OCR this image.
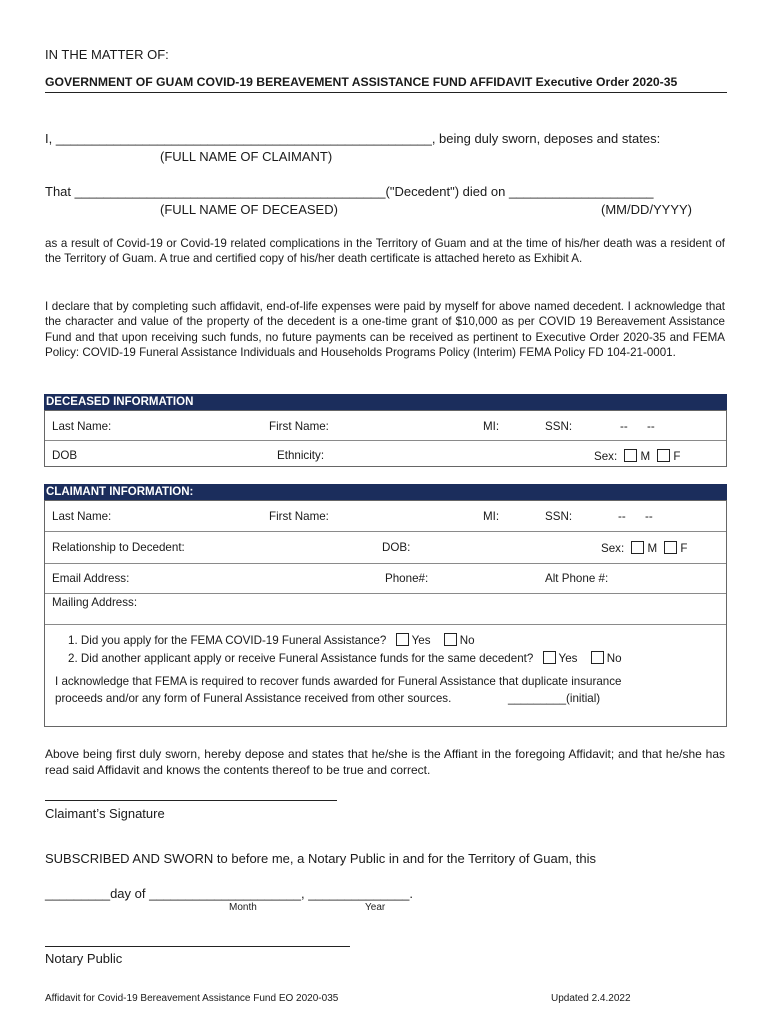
IN THE MATTER OF:
GOVERNMENT OF GUAM COVID-19 BEREAVEMENT ASSISTANCE FUND AFFIDAVIT Executive Order 2020-35
I, ____________________________________________________, being duly sworn, deposes and states:
(FULL NAME OF CLAIMANT)
That ___________________________________________("Decedent") died on ____________________
(FULL NAME OF DECEASED)	(MM/DD/YYYY)
as a result of Covid-19 or Covid-19 related complications in the Territory of Guam and at the time of his/her death was a resident of the Territory of Guam. A true and certified copy of his/her death certificate is attached hereto as Exhibit A.
I declare that by completing such affidavit, end-of-life expenses were paid by myself for above named decedent. I acknowledge that the character and value of the property of the decedent is a one-time grant of $10,000 as per COVID 19 Bereavement Assistance Fund and that upon receiving such funds, no future payments can be received as pertinent to Executive Order 2020-35 and FEMA Policy: COVID-19 Funeral Assistance Individuals and Households Programs Policy (Interim) FEMA Policy FD 104-21-0001.
DECEASED INFORMATION
Last Name:	First Name:	MI:	SSN:	--      --
DOB	Ethnicity:	Sex: M F
CLAIMANT INFORMATION:
Last Name:	First Name:	MI:	SSN:	--      --
Relationship to Decedent:	DOB:	Sex: M F
Email Address:	Phone#:	Alt Phone #:
Mailing Address:
1. Did you apply for the FEMA COVID-19 Funeral Assistance? Yes	No
2. Did another applicant apply or receive Funeral Assistance funds for the same decedent? Yes	No
I acknowledge that FEMA is required to recover funds awarded for Funeral Assistance that duplicate insurance
proceeds and/or any form of Funeral Assistance received from other sources.	_________(initial)
Above being first duly sworn, hereby depose and states that he/she is the Affiant in the foregoing Affidavit; and that he/she has read said Affidavit and knows the contents thereof to be true and correct.
Claimant’s Signature
SUBSCRIBED AND SWORN to before me, a Notary Public in and for the Territory of Guam, this
_________day of _____________________, ______________.
Month	Year
Notary Public
Affidavit for Covid-19 Bereavement Assistance Fund EO 2020-035	Updated 2.4.2022
